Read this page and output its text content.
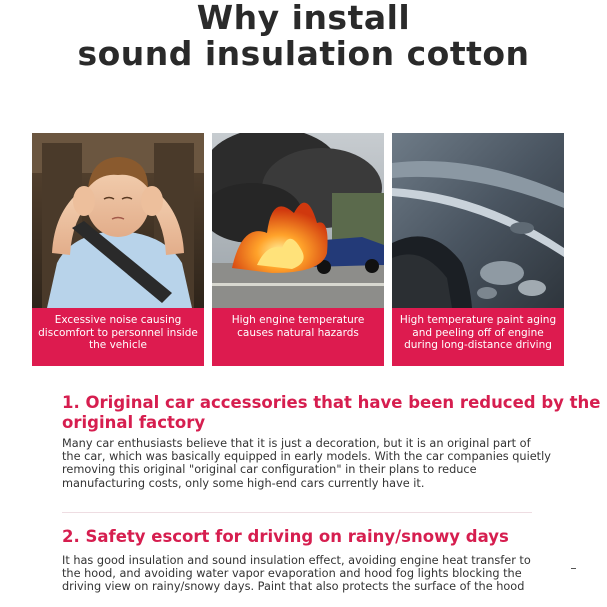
Why install
sound insulation cotton
Excessive noise causing discomfort to personnel inside the vehicle
High engine temperature causes natural hazards
High temperature paint aging and peeling off of engine during long-distance driving
1. Original car accessories that have been reduced by the original factory
Many car enthusiasts believe that it is just a decoration, but it is an original part of the car, which was basically equipped in early models. With the car companies quietly removing this original "original car configuration" in their plans to reduce manufacturing costs, only some high-end cars currently have it.
2. Safety escort for driving on rainy/snowy days
It has good insulation and sound insulation effect, avoiding engine heat transfer to the hood, and avoiding water vapor evaporation and hood fog lights blocking the driving view on rainy/snowy days. Paint that also protects the surface of the hood
